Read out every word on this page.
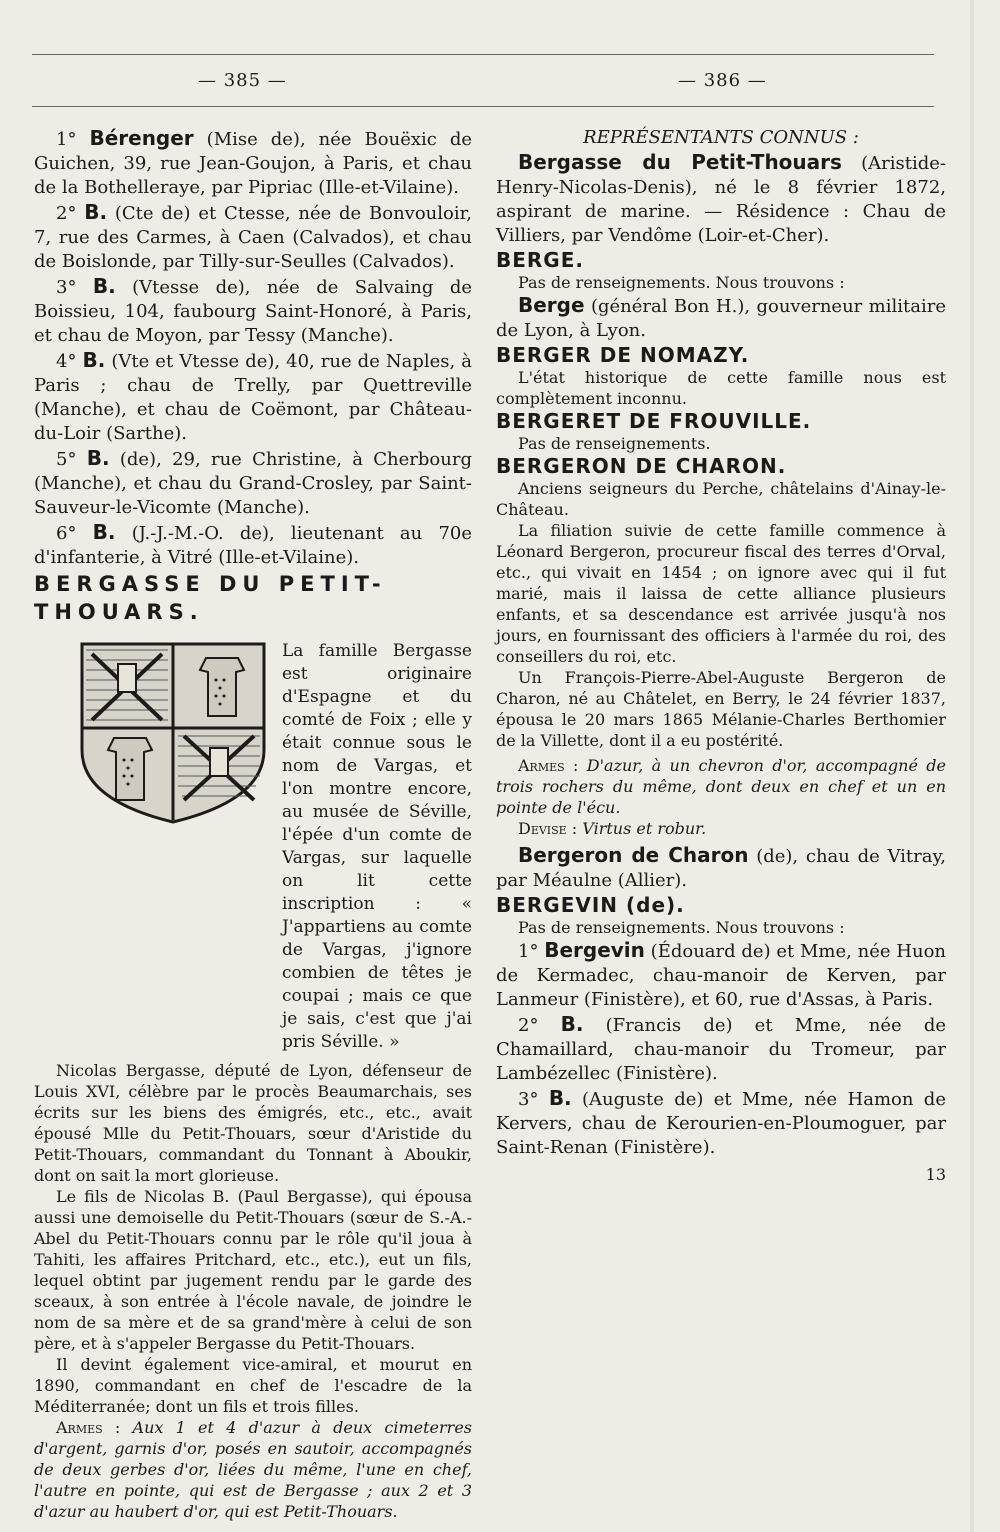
— 385 —	— 386 —

1° Bérenger (Mise de), née Bouëxic de Guichen, 39, rue Jean-Goujon, à Paris, et chau de la Bothelleraye, par Pipriac (Ille-et-Vilaine).

2° B. (Cte de) et Ctesse, née de Bonvouloir, 7, rue des Carmes, à Caen (Calvados), et chau de Boislonde, par Tilly-sur-Seulles (Calvados).

3° B. (Vtesse de), née de Salvaing de Boissieu, 104, faubourg Saint-Honoré, à Paris, et chau de Moyon, par Tessy (Manche).

4° B. (Vte et Vtesse de), 40, rue de Naples, à Paris ; chau de Trelly, par Quettreville (Manche), et chau de Coëmont, par Château-du-Loir (Sarthe).

5° B. (de), 29, rue Christine, à Cherbourg (Manche), et chau du Grand-Crosley, par Saint-Sauveur-le-Vicomte (Manche).

6° B. (J.-J.-M.-O. de), lieutenant au 70e d'infanterie, à Vitré (Ille-et-Vilaine).

BERGASSE DU PETIT-THOUARS.

La famille Bergasse est originaire d'Espagne et du comté de Foix ; elle y était connue sous le nom de Vargas, et l'on montre encore, au musée de Séville, l'épée d'un comte de Vargas, sur laquelle on lit cette inscription : « J'appartiens au comte de Vargas, j'ignore combien de têtes je coupai ; mais ce que je sais, c'est que j'ai pris Séville. »

Nicolas Bergasse, député de Lyon, défenseur de Louis XVI, célèbre par le procès Beaumarchais, ses écrits sur les biens des émigrés, etc., etc., avait épousé Mlle du Petit-Thouars, sœur d'Aristide du Petit-Thouars, commandant du Tonnant à Aboukir, dont on sait la mort glorieuse.

Le fils de Nicolas B. (Paul Bergasse), qui épousa aussi une demoiselle du Petit-Thouars (sœur de S.-A.-Abel du Petit-Thouars connu par le rôle qu'il joua à Tahiti, les affaires Pritchard, etc., etc.), eut un fils, lequel obtint par jugement rendu par le garde des sceaux, à son entrée à l'école navale, de joindre le nom de sa mère et de sa grand'mère à celui de son père, et à s'appeler Bergasse du Petit-Thouars.

Il devint également vice-amiral, et mourut en 1890, commandant en chef de l'escadre de la Méditerranée; dont un fils et trois filles.

Armes : Aux 1 et 4 d'azur à deux cimeterres d'argent, garnis d'or, posés en sautoir, accompagnés de deux gerbes d'or, liées du même, l'une en chef, l'autre en pointe, qui est de Bergasse ; aux 2 et 3 d'azur au haubert d'or, qui est Petit-Thouars.

REPRÉSENTANTS CONNUS :

Bergasse du Petit-Thouars (Aristide-Henry-Nicolas-Denis), né le 8 février 1872, aspirant de marine. — Résidence : Chau de Villiers, par Vendôme (Loir-et-Cher).

BERGE.

Pas de renseignements. Nous trouvons :

Berge (général Bon H.), gouverneur militaire de Lyon, à Lyon.

BERGER DE NOMAZY.

L'état historique de cette famille nous est complètement inconnu.

BERGERET DE FROUVILLE.

Pas de renseignements.

BERGERON DE CHARON.

Anciens seigneurs du Perche, châtelains d'Ainay-le-Château.

La filiation suivie de cette famille commence à Léonard Bergeron, procureur fiscal des terres d'Orval, etc., qui vivait en 1454 ; on ignore avec qui il fut marié, mais il laissa de cette alliance plusieurs enfants, et sa descendance est arrivée jusqu'à nos jours, en fournissant des officiers à l'armée du roi, des conseillers du roi, etc.

Un François-Pierre-Abel-Auguste Bergeron de Charon, né au Châtelet, en Berry, le 24 février 1837, épousa le 20 mars 1865 Mélanie-Charles Berthomier de la Villette, dont il a eu postérité.

Armes : D'azur, à un chevron d'or, accompagné de trois rochers du même, dont deux en chef et un en pointe de l'écu.

Devise : Virtus et robur.

Bergeron de Charon (de), chau de Vitray, par Méaulne (Allier).

BERGEVIN (de).

Pas de renseignements. Nous trouvons :

1° Bergevin (Édouard de) et Mme, née Huon de Kermadec, chau-manoir de Kerven, par Lanmeur (Finistère), et 60, rue d'Assas, à Paris.

2° B. (Francis de) et Mme, née de Chamaillard, chau-manoir du Tromeur, par Lambézellec (Finistère).

3° B. (Auguste de) et Mme, née Hamon de Kervers, chau de Kerourien-en-Ploumoguer, par Saint-Renan (Finistère).

13
